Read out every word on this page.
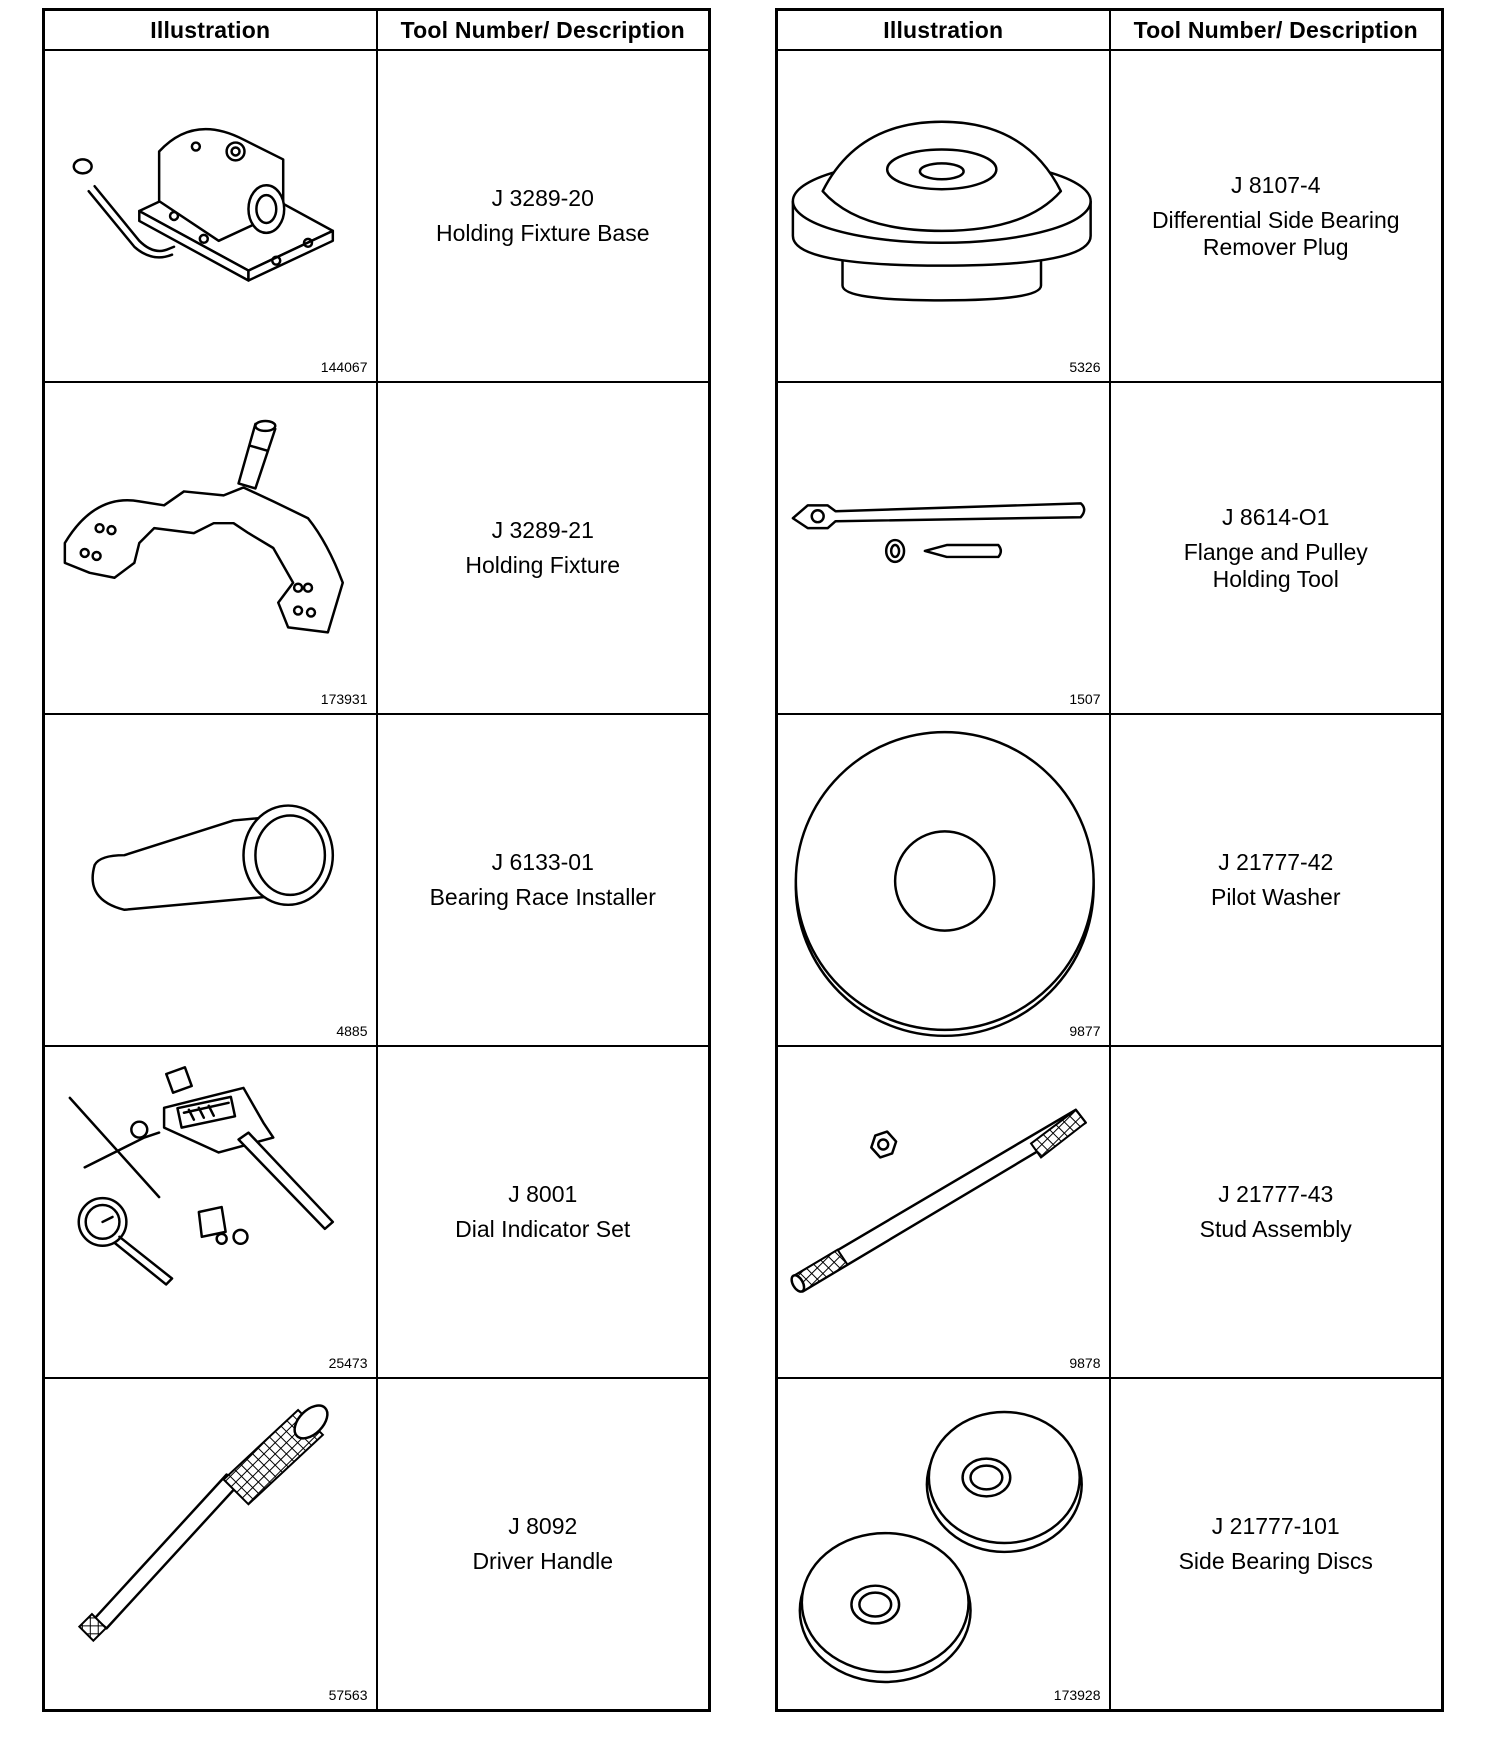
Illustration	Tool Number/ Description

144067	J 3289-20
Holding Fixture Base

173931	J 3289-21
Holding Fixture

4885	J 6133-01
Bearing Race Installer

25473	J 8001
Dial Indicator Set

57563	J 8092
Driver Handle
Illustration	Tool Number/ Description

5326	J 8107-4
Differential Side Bearing
Remover Plug

1507	J 8614-O1
Flange and Pulley
Holding Tool

9877	J 21777-42
Pilot Washer

9878	J 21777-43
Stud Assembly

173928	J 21777-101
Side Bearing Discs
